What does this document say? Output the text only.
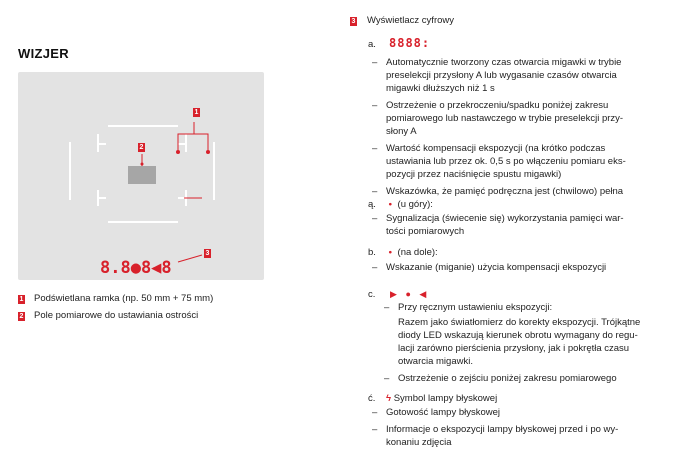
WIZJER
8.8●8◀8
1
2
3
1 Podświetlana ramka (np. 50 mm + 75 mm)
2 Pole pomiarowe do ustawiania ostrości
3 Wyświetlacz cyfrowy
a. 8888:
– Automatycznie tworzony czas otwarcia migawki w trybie
preselekcji przysłony A lub wygasanie czasów otwarcia
migawki dłuższych niż 1 s
– Ostrzeżenie o przekroczeniu/spadku poniżej zakresu
pomiarowego lub nastawczego w trybie preselekcji przy-
słony A
– Wartość kompensacji ekspozycji (na krótko podczas
ustawiania lub przez ok. 0,5 s po włączeniu pomiaru eks-
pozycji przez naciśnięcie spustu migawki)
– Wskazówka, że pamięć podręczna jest (chwilowo) pełna
ą. • (u góry):
– Sygnalizacja (świecenie się) wykorzystania pamięci war-
tości pomiarowych
b. • (na dole):
– Wskazanie (miganie) użycia kompensacji ekspozycji
c. ▶ ● ◀
– Przy ręcznym ustawieniu ekspozycji:
Razem jako światłomierz do korekty ekspozycji. Trójkątne
diody LED wskazują kierunek obrotu wymagany do regu-
lacji zarówno pierścienia przysłony, jak i pokrętła czasu
otwarcia migawki.
– Ostrzeżenie o zejściu poniżej zakresu pomiarowego
ć. ϟ Symbol lampy błyskowej
– Gotowość lampy błyskowej
– Informacje o ekspozycji lampy błyskowej przed i po wy-
konaniu zdjęcia
